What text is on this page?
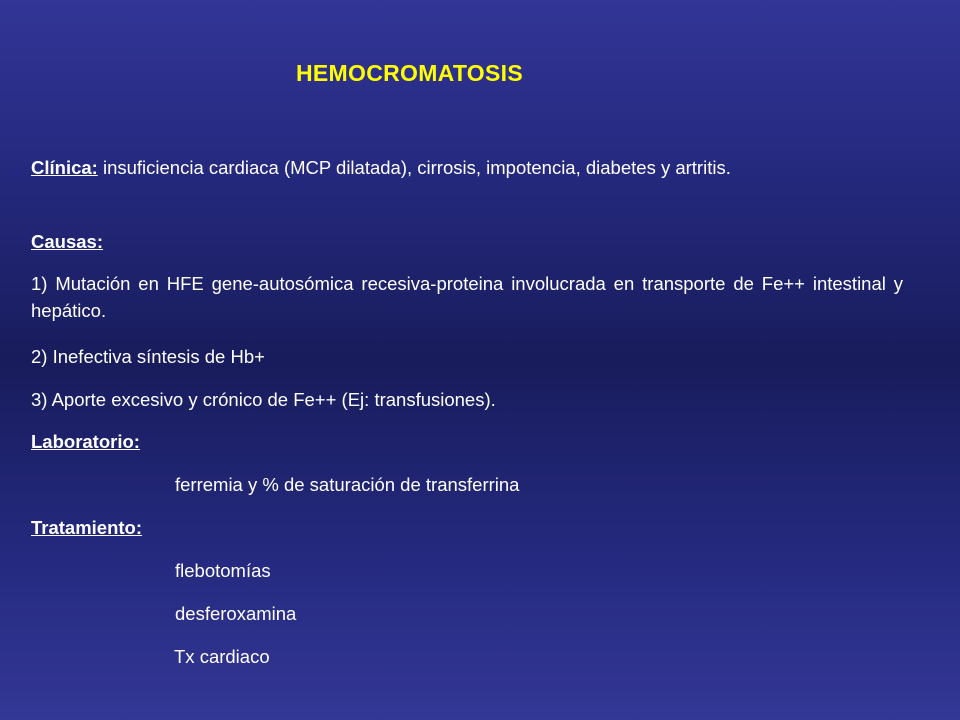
HEMOCROMATOSIS
Clínica: insuficiencia cardiaca (MCP dilatada), cirrosis, impotencia, diabetes y artritis.
Causas:
1) Mutación en HFE gene-autosómica recesiva-proteina involucrada en transporte de Fe++ intestinal y hepático.
2) Inefectiva síntesis de Hb+
3) Aporte excesivo y crónico de Fe++ (Ej: transfusiones).
Laboratorio:
ferremia y % de saturación de transferrina
Tratamiento:
flebotomías
desferoxamina
Tx cardiaco
